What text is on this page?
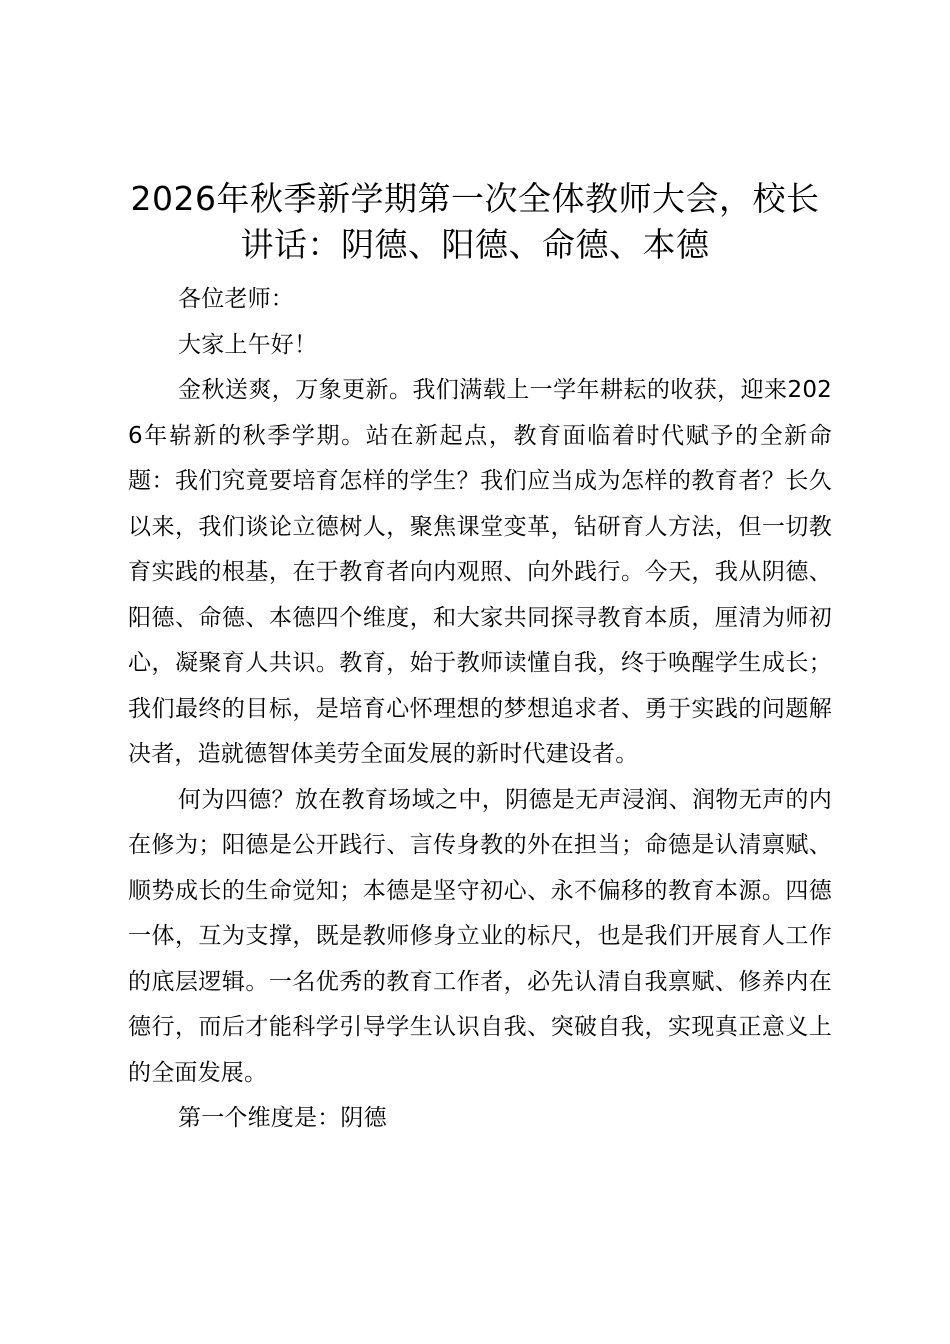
2026年秋季新学期第一次全体教师大会，校长讲话：阴德、阳德、命德、本德

各位老师：

大家上午好！

金秋送爽，万象更新。我们满载上一学年耕耘的收获，迎来2026年崭新的秋季学期。站在新起点，教育面临着时代赋予的全新命题：我们究竟要培育怎样的学生？我们应当成为怎样的教育者？长久以来，我们谈论立德树人，聚焦课堂变革，钻研育人方法，但一切教育实践的根基，在于教育者向内观照、向外践行。今天，我从阴德、阳德、命德、本德四个维度，和大家共同探寻教育本质，厘清为师初心，凝聚育人共识。教育，始于教师读懂自我，终于唤醒学生成长；我们最终的目标，是培育心怀理想的梦想追求者、勇于实践的问题解决者，造就德智体美劳全面发展的新时代建设者。

何为四德？放在教育场域之中，阴德是无声浸润、润物无声的内在修为；阳德是公开践行、言传身教的外在担当；命德是认清禀赋、顺势成长的生命觉知；本德是坚守初心、永不偏移的教育本源。四德一体，互为支撑，既是教师修身立业的标尺，也是我们开展育人工作的底层逻辑。一名优秀的教育工作者，必先认清自我禀赋、修养内在德行，而后才能科学引导学生认识自我、突破自我，实现真正意义上的全面发展。

第一个维度是：阴德
